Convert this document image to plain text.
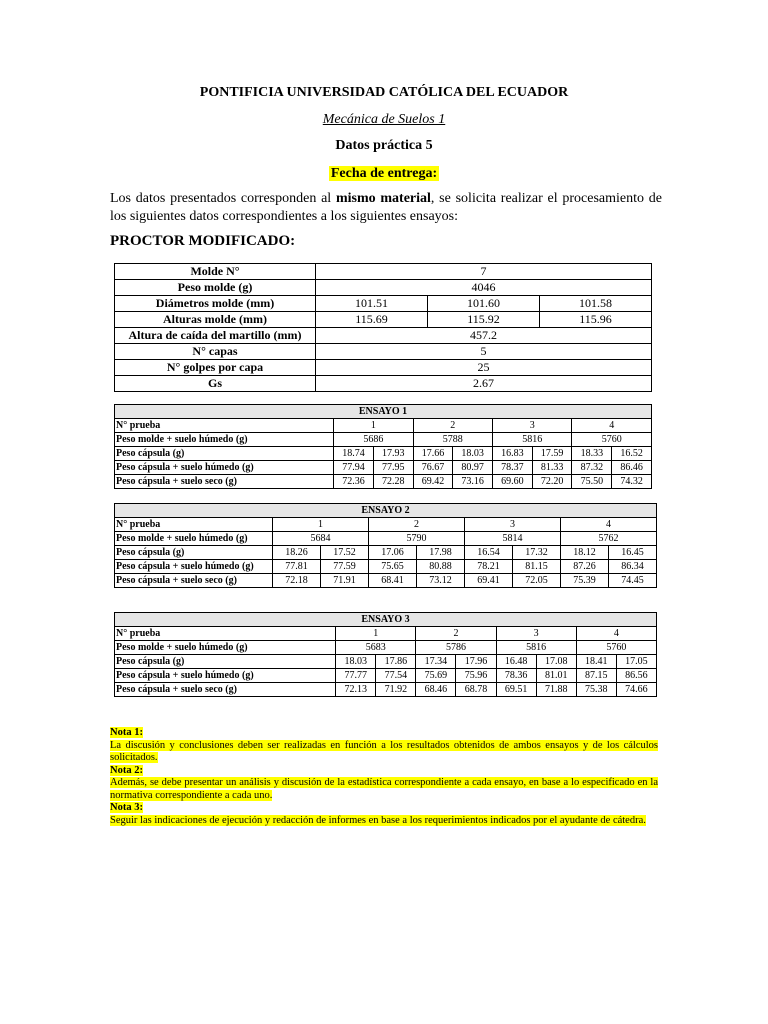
PONTIFICIA UNIVERSIDAD CATÓLICA DEL ECUADOR
Mecánica de Suelos 1
Datos práctica 5
Fecha de entrega:
Los datos presentados corresponden al mismo material, se solicita realizar el procesamiento de los siguientes datos correspondientes a los siguientes ensayos:
PROCTOR MODIFICADO:
Molde N°	7		
Peso molde (g)	4046		
Diámetros molde (mm)	101.51	101.60	101.58
Alturas molde (mm)	115.69	115.92	115.96
Altura de caída del martillo (mm)	457.2		
N° capas	5		
N° golpes por capa	25		
Gs	2.67		
ENSAYO 1								
N° prueba	1		2		3		4	
Peso molde + suelo húmedo (g)	5686		5788		5816		5760	
Peso cápsula (g)	18.74	17.93	17.66	18.03	16.83	17.59	18.33	16.52
Peso cápsula + suelo húmedo (g)	77.94	77.95	76.67	80.97	78.37	81.33	87.32	86.46
Peso cápsula + suelo seco (g)	72.36	72.28	69.42	73.16	69.60	72.20	75.50	74.32
ENSAYO 2								
N° prueba	1		2		3		4	
Peso molde + suelo húmedo (g)	5684		5790		5814		5762	
Peso cápsula (g)	18.26	17.52	17.06	17.98	16.54	17.32	18.12	16.45
Peso cápsula + suelo húmedo (g)	77.81	77.59	75.65	80.88	78.21	81.15	87.26	86.34
Peso cápsula + suelo seco (g)	72.18	71.91	68.41	73.12	69.41	72.05	75.39	74.45
ENSAYO 3								
N° prueba	1		2		3		4	
Peso molde + suelo húmedo (g)	5683		5786		5816		5760	
Peso cápsula (g)	18.03	17.86	17.34	17.96	16.48	17.08	18.41	17.05
Peso cápsula + suelo húmedo (g)	77.77	77.54	75.69	75.96	78.36	81.01	87.15	86.56
Peso cápsula + suelo seco (g)	72.13	71.92	68.46	68.78	69.51	71.88	75.38	74.66
Nota 1:
La discusión y conclusiones deben ser realizadas en función a los resultados obtenidos de ambos ensayos y de los cálculos solicitados.
Nota 2:
Además, se debe presentar un análisis y discusión de la estadística correspondiente a cada ensayo, en base a lo especificado en la normativa correspondiente a cada uno.
Nota 3:
Seguir las indicaciones de ejecución y redacción de informes en base a los requerimientos indicados por el ayudante de cátedra.
